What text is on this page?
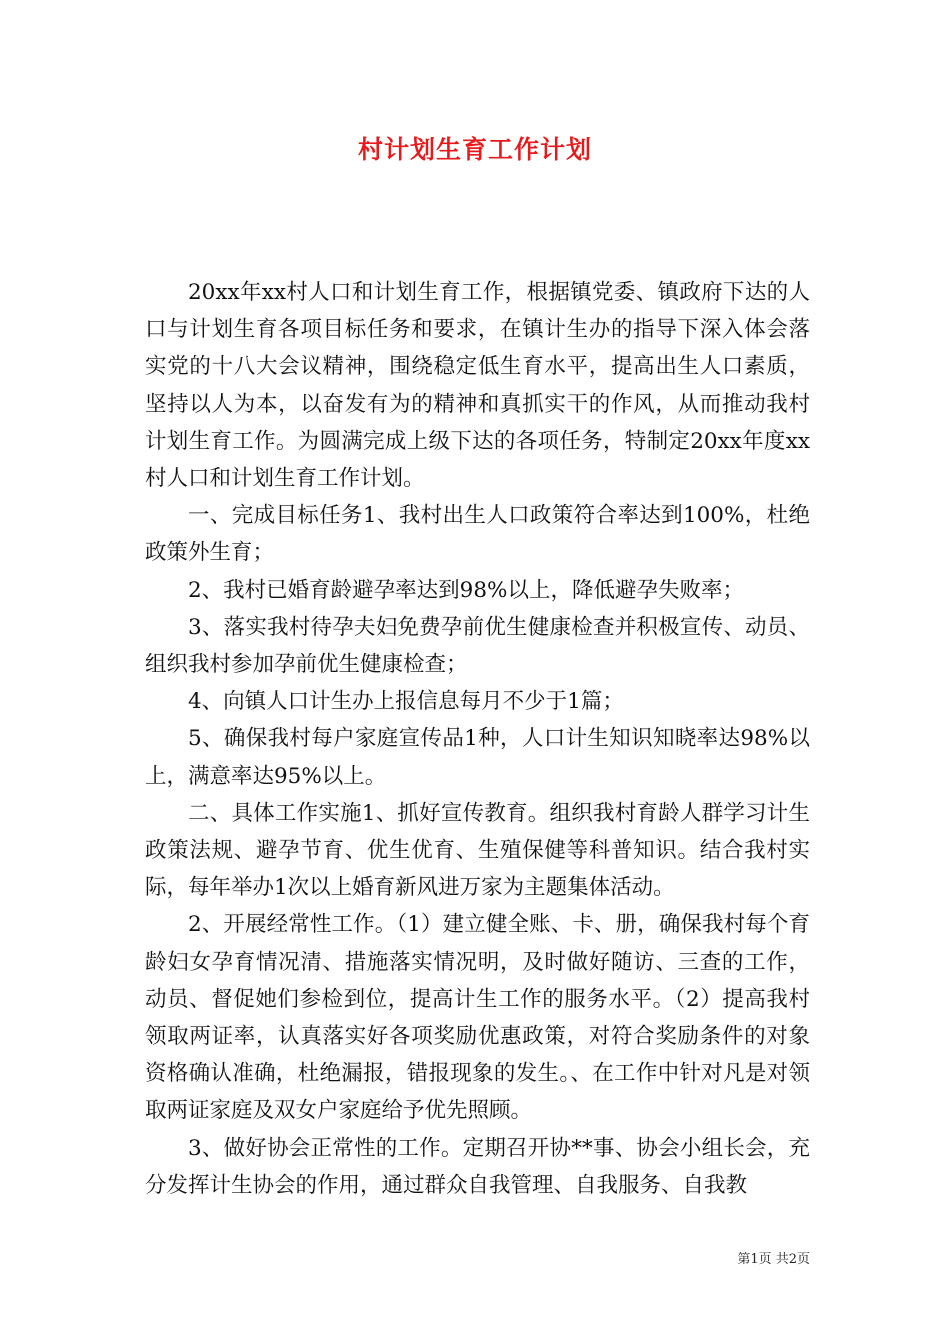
村计划生育工作计划

20xx年xx村人口和计划生育工作，根据镇党委、镇政府下达的人口与计划生育各项目标任务和要求，在镇计生办的指导下深入体会落实党的十八大会议精神，围绕稳定低生育水平，提高出生人口素质，坚持以人为本，以奋发有为的精神和真抓实干的作风，从而推动我村计划生育工作。为圆满完成上级下达的各项任务，特制定20xx年度xx村人口和计划生育工作计划。

一、完成目标任务1、我村出生人口政策符合率达到100%，杜绝政策外生育；

2、我村已婚育龄避孕率达到98%以上，降低避孕失败率；

3、落实我村待孕夫妇免费孕前优生健康检查并积极宣传、动员、组织我村参加孕前优生健康检查；

4、向镇人口计生办上报信息每月不少于1篇；

5、确保我村每户家庭宣传品1种，人口计生知识知晓率达98%以上，满意率达95%以上。

二、具体工作实施1、抓好宣传教育。组织我村育龄人群学习计生政策法规、避孕节育、优生优育、生殖保健等科普知识。结合我村实际，每年举办1次以上婚育新风进万家为主题集体活动。

2、开展经常性工作。（1）建立健全账、卡、册，确保我村每个育龄妇女孕育情况清、措施落实情况明，及时做好随访、三查的工作，动员、督促她们参检到位，提高计生工作的服务水平。（2）提高我村领取两证率，认真落实好各项奖励优惠政策，对符合奖励条件的对象资格确认准确，杜绝漏报，错报现象的发生。、在工作中针对凡是对领取两证家庭及双女户家庭给予优先照顾。

3、做好协会正常性的工作。定期召开协**事、协会小组长会，充分发挥计生协会的作用，通过群众自我管理、自我服务、自我教

第1页 共2页
